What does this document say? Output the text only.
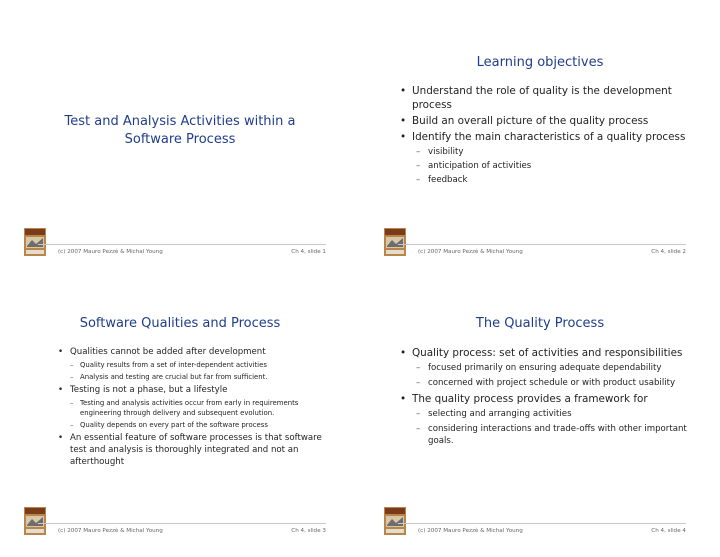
Test and Analysis Activities within a Software Process
(c) 2007 Mauro Pezzè & Michal Young	Ch 4, slide 1
Learning objectives

• Understand the role of quality is the development process

• Build an overall picture of the quality process

• Identify the main characteristics of a quality process

– visibility

– anticipation of activities

– feedback

(c) 2007 Mauro Pezzè & Michal Young	Ch 4, slide 2
Software Qualities and Process

• Qualities cannot be added after development

– Quality results from a set of inter-dependent activities

– Analysis and testing are crucial but far from sufficient.

• Testing is not a phase, but a lifestyle

– Testing and analysis activities occur from early in requirements engineering through delivery and subsequent evolution.

– Quality depends on every part of the software process

• An essential feature of software processes is that software test and analysis is thoroughly integrated and not an afterthought

(c) 2007 Mauro Pezzè & Michal Young	Ch 4, slide 3
The Quality Process

• Quality process: set of activities and responsibilities

– focused primarily on ensuring adequate dependability

– concerned with project schedule or with product usability

• The quality process provides a framework for

– selecting and arranging activities

– considering interactions and trade-offs with other important goals.

(c) 2007 Mauro Pezzè & Michal Young	Ch 4, slide 4
